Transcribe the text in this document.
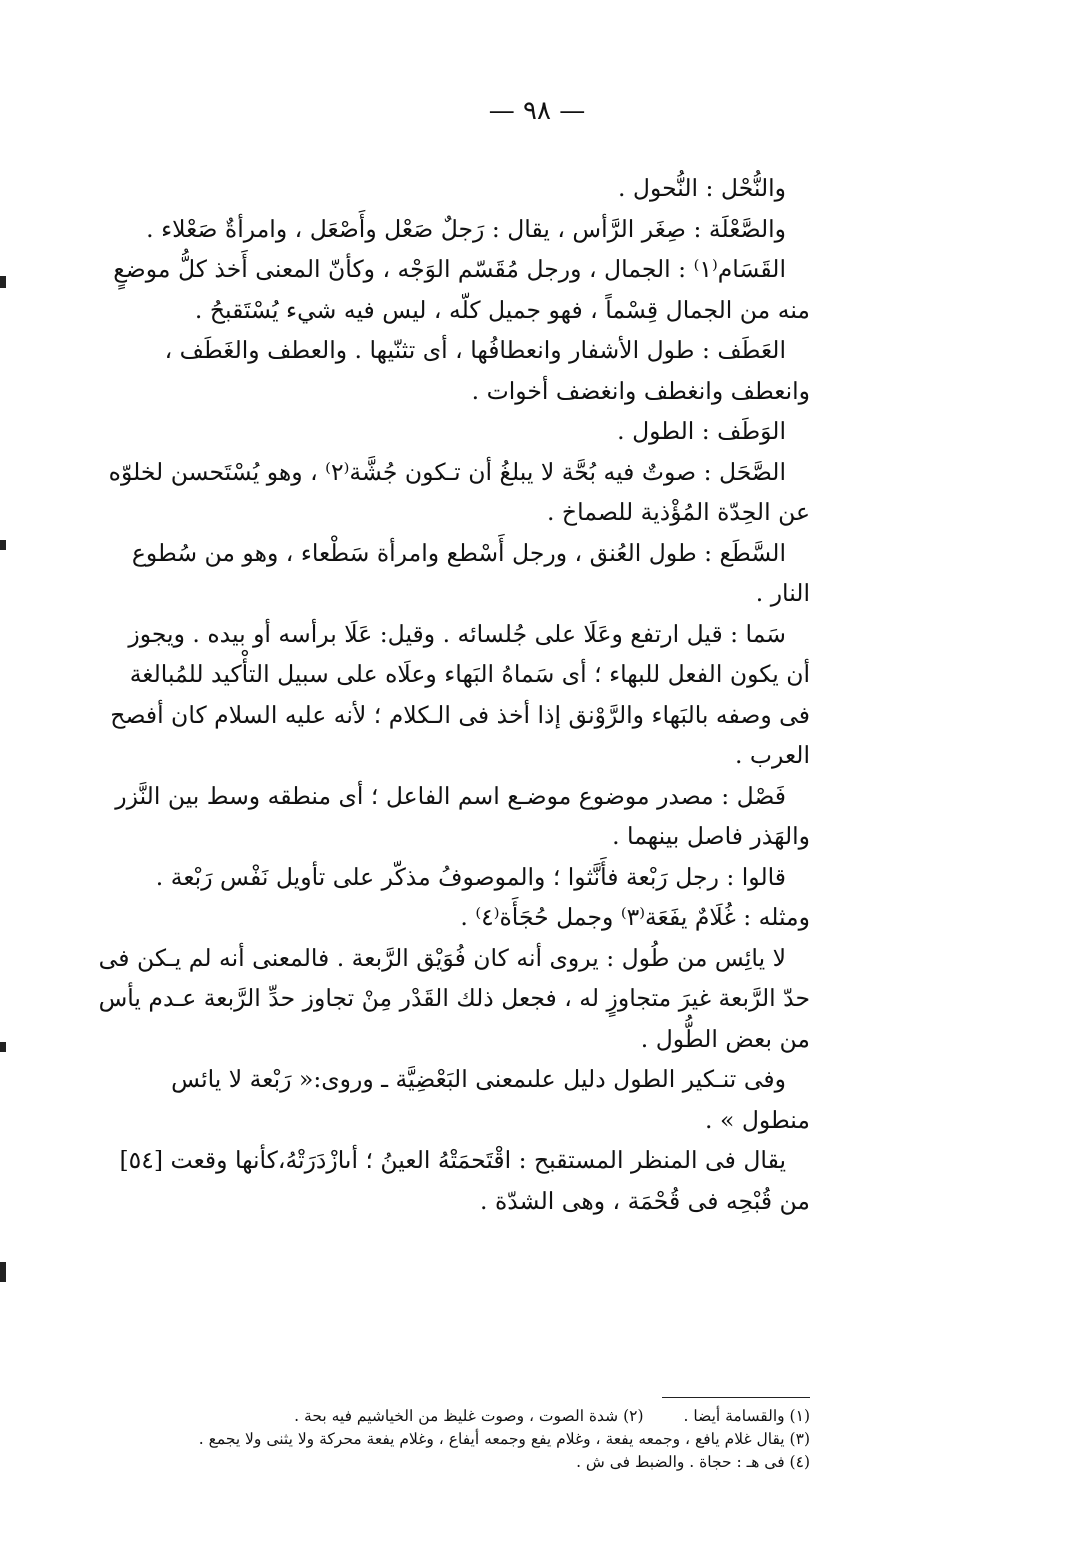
— ٩٨ —

والنُّحْل : النُّحول .

والصَّعْلَة : صِغَر الرَّأس ، يقال : رَجلٌ صَعْل وأَصْعَل ، وامرأةٌ صَعْلاء .

القَسَام⁽١⁾ : الجمال ، ورجل مُقَسّم الوَجْه ، وكأنّ المعنى أَخذ كلُّ موضعٍ منه من الجمال قِسْماً ، فهو جميل كلّه ، ليس فيه شيء يُسْتَقبحُ .

العَطَف : طول الأشفار وانعطافُها ، أى تثنّيها . والعطف والغَطَف ، وانعطف وانغطف وانغضف أخوات .

الوَطَف : الطول .

الصَّحَل : صوتٌ فيه بُحَّة لا يبلغُ أن تـكون جُشَّة⁽٢⁾ ، وهو يُسْتَحسن لخلوّه عن الحِدّة المُؤْذية للصماخ .

السَّطَع : طول العُنق ، ورجل أَسْطع وامرأة سَطْعاء ، وهو من سُطوع النار .

سَما : قيل ارتفع وعَلَا على جُلسائه . وقيل: عَلَا برأسه أو بيده . ويجوز أن يكون الفعل للبهاء ؛ أى سَماهُ البَهاء وعلَاه على سبيل التأْكيد للمُبالغة فى وصفه بالبَهاء والرَّوْنق إذا أخذ فى الـكلام ؛ لأنه عليه السلام كان أفصح العرب .

فَصْل : مصدر موضوع موضـع اسم الفاعل ؛ أى منطقه وسط بين النَّزر والهَذر فاصل بينهما .

قالوا : رجل رَبْعة فأَنَّثوا ؛ والموصوفُ مذكّر على تأويل نَفْس رَبْعة . ومثله : غُلَامٌ يفَعَة⁽٣⁾ وجمل حُجَأَة⁽٤⁾ .

لا يائِس من طُول : يروى أنه كان فُوَيْق الرَّبعة . فالمعنى أنه لم يـكن فى حدّ الرَّبعة غيرَ متجاوزٍ له ، فجعل ذلك القَدْر مِنْ تجاوز حدِّ الرَّبعة عـدم يأس من بعض الطُّول .

وفى تنـكير الطول دليل علىمعنى البَعْضِيَّة ـ وروى:« رَبْعة لا يائس منطول » .

يقال فى المنظر المستقبح : اقْتَحمَتْهُ العينُ ؛ أىازْدَرَتْهُ،كأنها وقعت [٥٤] من قُبْحِه فى قُحْمَة ، وهى الشدّة .

(١) والقسامة أيضا .(٢) شدة الصوت ، وصوت غليظ من الخياشيم فيه بحة .
(٣) يقال غلام يافع ، وجمعه يفعة ، وغلام يفع وجمعه أيفاع ، وغلام يفعة محركة ولا يثنى ولا يجمع .
(٤) فى هـ : حجاة . والضبط فى ش .
